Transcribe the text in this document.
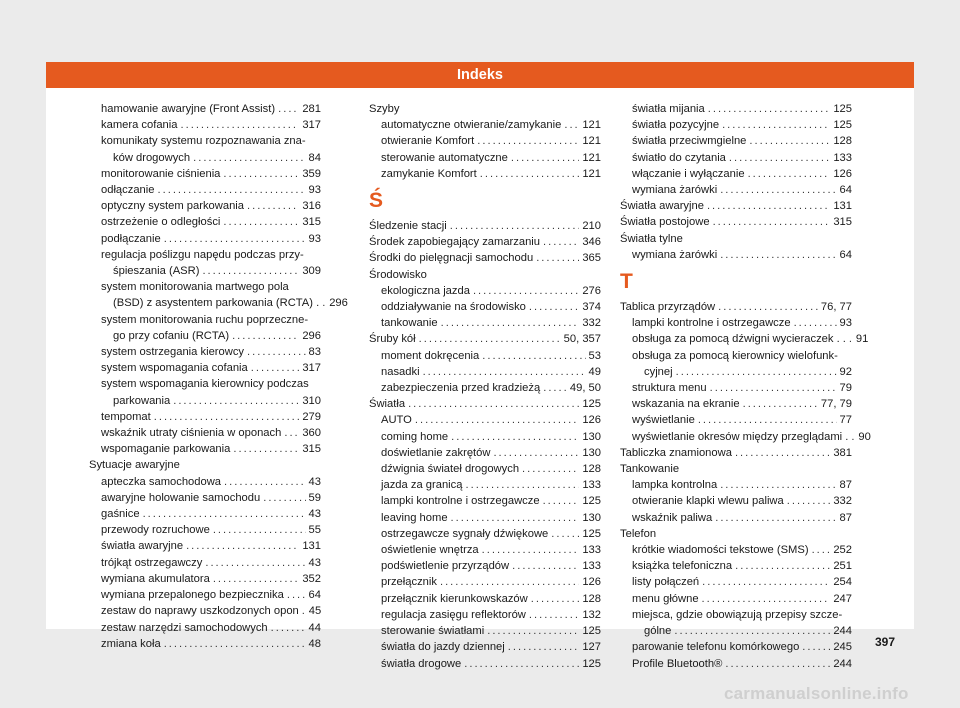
Indeks
hamowanie awaryjne (Front Assist) ..... 281
kamera cofania .....	317
komunikaty systemu rozpoznawania zna-
ków drogowych .....	84
monitorowanie ciśnienia .....	359
odłączanie .....	93
optyczny system parkowania .....	316
ostrzeżenie o odległości .....	315
podłączanie .....	93
regulacja poślizgu napędu podczas przy-
śpieszania (ASR) .....	309
system monitorowania martwego pola
(BSD) z asystentem parkowania (RCTA) . ..... 296
system monitorowania ruchu poprzeczne-
go przy cofaniu (RCTA) .....	296
system ostrzegania kierowcy .....	83
system wspomagania cofania .....	317
system wspomagania kierownicy podczas
parkowania .....	310
tempomat .....	279
wskaźnik utraty ciśnienia w oponach ..... 360
wspomaganie parkowania .....	315
Sytuacje awaryjne
apteczka samochodowa .....	43
awaryjne holowanie samochodu .....	59
gaśnice .....	43
przewody rozruchowe .....	55
światła awaryjne .....	131
trójkąt ostrzegawczy .....	43
wymiana akumulatora .....	352
wymiana przepalonego bezpiecznika ..... 64
zestaw do naprawy uszkodzonych opon ..... 45
zestaw narzędzi samochodowych .....	44
zmiana koła .....	48
Szyby
automatyczne otwieranie/zamykanie ..... 121
otwieranie Komfort .....	121
sterowanie automatyczne .....	121
zamykanie Komfort .....	121
Ś
Śledzenie stacji .....	210
Środek zapobiegający zamarzaniu .....	346
Środki do pielęgnacji samochodu .....	365
Środowisko
ekologiczna jazda .....	276
oddziaływanie na środowisko .....	374
tankowanie .....	332
Śruby kół .....	50, 357
moment dokręcenia .....	53
nasadki .....	49
zabezpieczenia przed kradzieżą .....	49, 50
Światła .....	125
AUTO .....	126
coming home .....	130
doświetlanie zakrętów .....	130
dźwignia świateł drogowych .....	128
jazda za granicą .....	133
lampki kontrolne i ostrzegawcze .....	125
leaving home .....	130
ostrzegawcze sygnały dźwiękowe .....	125
oświetlenie wnętrza .....	133
podświetlenie przyrządów .....	133
przełącznik .....	126
przełącznik kierunkowskazów .....	128
regulacja zasięgu reflektorów .....	132
sterowanie światłami .....	125
światła do jazdy dziennej .....	127
światła drogowe .....	125
światła mijania .....	125
światła pozycyjne .....	125
światła przeciwmgielne .....	128
światło do czytania .....	133
włączanie i wyłączanie .....	126
wymiana żarówki .....	64
Światła awaryjne .....	131
Światła postojowe .....	315
Światła tylne
wymiana żarówki .....	64
T
Tablica przyrządów .....	76, 77
lampki kontrolne i ostrzegawcze .....	93
obsługa za pomocą dźwigni wycieraczek . . ..... 91
obsługa za pomocą kierownicy wielofunk-
cyjnej .....	92
struktura menu .....	79
wskazania na ekranie .....	77, 79
wyświetlanie .....	77
wyświetlanie okresów między przeglądami . ..... 90
Tabliczka znamionowa .....	381
Tankowanie
lampka kontrolna .....	87
otwieranie klapki wlewu paliwa .....	332
wskaźnik paliwa .....	87
Telefon
krótkie wiadomości tekstowe (SMS) ..... 252
książka telefoniczna .....	251
listy połączeń .....	254
menu główne .....	247
miejsca, gdzie obowiązują przepisy szcze-
gólne .....	244
parowanie telefonu komórkowego .....	245
Profile Bluetooth® .....	244
397
carmanualsonline.info
